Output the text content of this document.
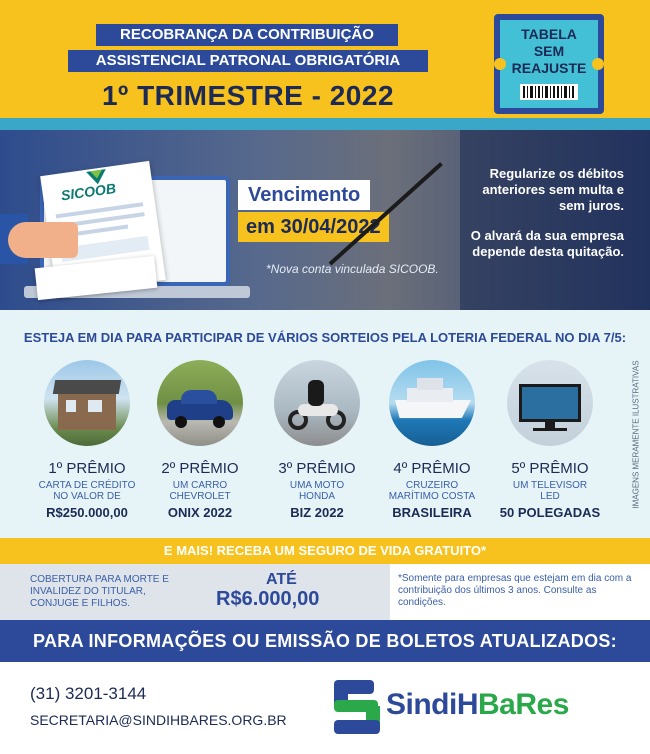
RECOBRANÇA DA CONTRIBUIÇÃO
ASSISTENCIAL PATRONAL OBRIGATÓRIA
1º TRIMESTRE - 2022
TABELA
SEM
REAJUSTE
SICOOB	Vencimento
em 30/04/2022
*Nova conta vinculada SICOOB.
Regularize os débitos anteriores sem multa e sem juros.
O alvará da sua empresa depende desta quitação.
ESTEJA EM DIA PARA PARTICIPAR DE VÁRIOS SORTEIOS PELA LOTERIA FEDERAL NO DIA 7/5:
1º PRÊMIO
CARTA DE CRÉDITO
NO VALOR DE
R$250.000,00
2º PRÊMIO
UM CARRO
CHEVROLET
ONIX 2022
3º PRÊMIO
UMA MOTO
HONDA
BIZ 2022
4º PRÊMIO
CRUZEIRO
MARÍTIMO COSTA
BRASILEIRA
5º PRÊMIO
UM TELEVISOR
LED
50 POLEGADAS
IMAGENS MERAMENTE ILUSTRATIVAS
E MAIS! RECEBA UM SEGURO DE VIDA GRATUITO*
COBERTURA PARA MORTE E INVALIDEZ DO TITULAR, CONJUGE E FILHOS.
ATÉ
R$6.000,00
*Somente para empresas que estejam em dia com a contribuição dos últimos 3 anos. Consulte as condições.
PARA INFORMAÇÕES OU EMISSÃO DE BOLETOS ATUALIZADOS:
(31) 3201-3144
SECRETARIA@SINDIHBARES.ORG.BR	SindiHBaRes
